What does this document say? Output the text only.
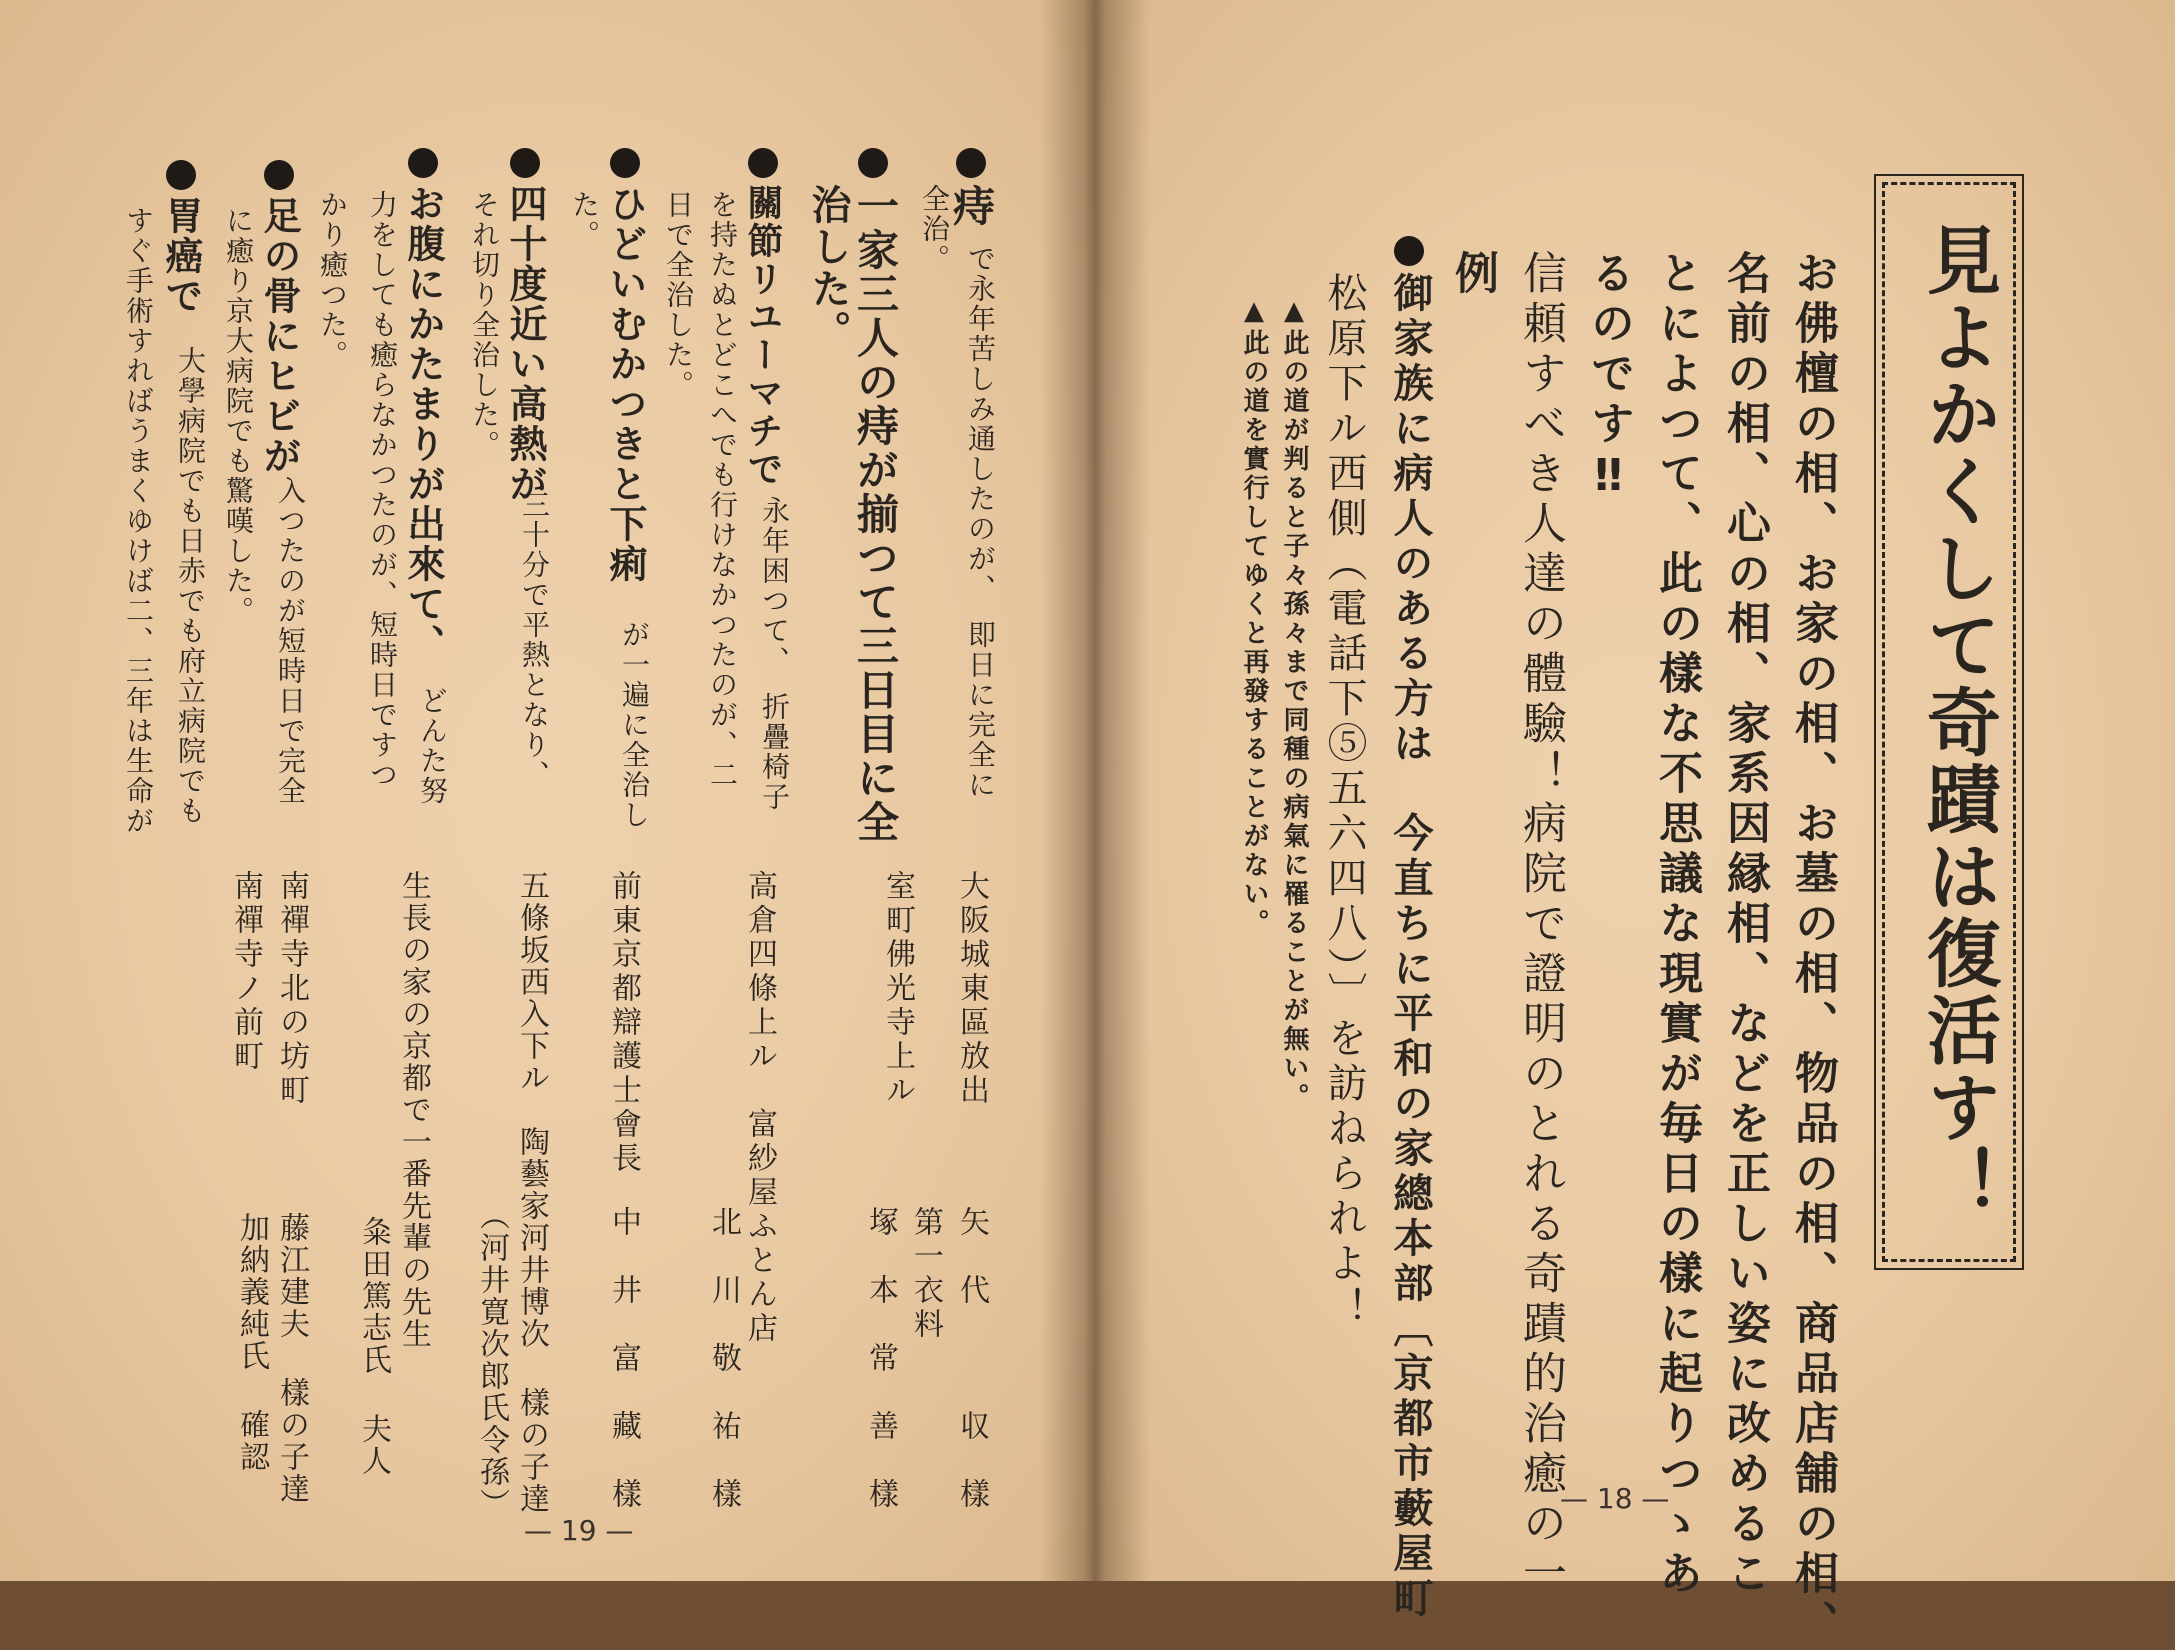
見よかくして奇蹟は復活す！
お佛檀の相、お家の相、お墓の相、物品の相、商品店舗の相、
名前の相、心の相、家系因縁相、などを正しい姿に改めるこ
とによつて、此の樣な不思議な現實が毎日の樣に起りつゝあ
るのです‼
信頼すべき人達の體驗！病院で證明のとれる奇蹟的治癒の一
例
御家族に病人のある方は　今直ちに平和の家總本部〔京都市藪屋町
松原下ル西側（電話下⑤五六四八）〕を訪ねられよ！
▲此の道が判ると子々孫々まで同種の病氣に罹ることが無い。
▲此の道を實行してゆくと再發することがない。
— 18 —
痔
で永年苦しみ通したのが、　即日に完全に
全治。
一家三人の痔が揃つて三日目に全
治した。
關節リユーマチで
永年困つて、　折疊椅子
を持たぬとどこへでも行けなかつたのが、二
日で全治した。
ひどいむかつきと下痢
が一遍に全治し
た。
四十度近い高熱が
三十分で平熱となり、
それ切り全治した。
お腹にかたまりが出來て、
どんた努
力をしても癒らなかつたのが、短時日ですつ
かり癒つた。
足の骨にヒビが
入つたのが短時日で完全
に癒り京大病院でも驚嘆した。
胃癌で
大學病院でも日赤でも府立病院でも
すぐ手術すればうまくゆけば二、三年は生命が
大阪城東區放出
矢　代　　　収　樣
室町佛光寺上ル
第一衣料
塚　本　常　善　樣
高倉四條上ル　富紗屋ふとん店
北　川　敬　祐　樣
前東京都辯護士會長
中　井　富　藏　樣
五條坂西入下ル　陶藝家河井博次 樣の子達
（河井寛次郎氏令孫）
生長の家の京都で一番先輩の先生
粂田篤志氏 夫人
南禪寺北の坊町
藤江建夫 樣の子達
南禪寺ノ前町
加納義純氏 確認
— 19 —
